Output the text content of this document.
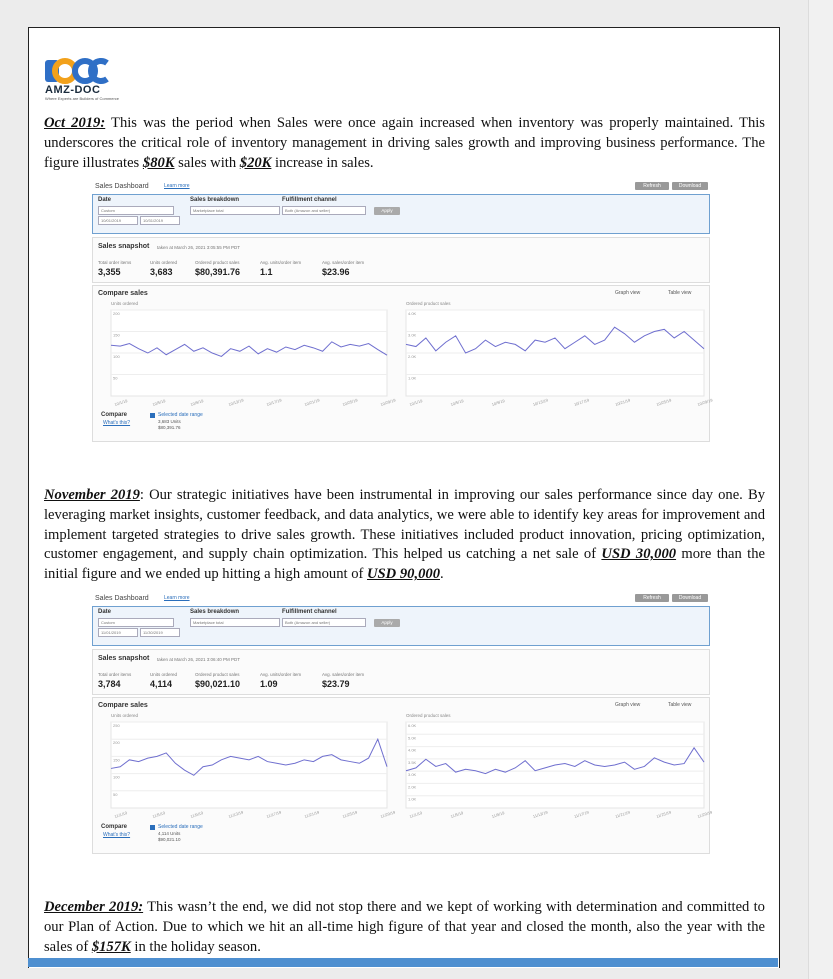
AMZ-DOC
Where Experts are Builders of Commerce
Oct 2019: This was the period when Sales were once again increased when inventory was properly maintained. This underscores the critical role of inventory management in driving sales growth and improving business performance. The figure illustrates $80K sales with $20K increase in sales.
Sales Dashboard	Learn more	Refresh	Download
Date
Custom
10/01/2019	10/31/2019
Sales breakdown
Marketplace total
Fulfillment channel
Both (Amazon and seller)	Apply
Sales snapshot taken at March 26, 2021 3:05:55 PM PDT
Total order items
3,355
Units ordered
3,683
Ordered product sales
$80,391.76
Avg. units/order item
1.1
Avg. sales/order item
$23.96
Compare sales	Graph view	Table view
Compare
What's this?
Selected date range
3,683 Units
$80,391.76
Units ordered
200
150
100
50
10/1/19	10/5/19	10/9/19	10/13/19	10/17/19	10/21/19	10/25/19	10/29/19
Ordered product sales
4.0K
3.0K
2.0K
1.0K
10/1/19	10/5/19	10/9/19	10/13/19	10/17/19	10/21/19	10/25/19	10/29/19
November 2019: Our strategic initiatives have been instrumental in improving our sales performance since day one. By leveraging market insights, customer feedback, and data analytics, we were able to identify key areas for improvement and implement targeted strategies to drive sales growth. These initiatives included product innovation, pricing optimization, customer engagement, and supply chain optimization. This helped us catching a net sale of USD 30,000 more than the initial figure and we ended up hitting a high amount of USD 90,000.
Sales Dashboard	Learn more	Refresh	Download
Date
Custom
11/01/2019	11/30/2019
Sales breakdown
Marketplace total
Fulfillment channel
Both (Amazon and seller)	Apply
Sales snapshot taken at March 26, 2021 3:06:40 PM PDT
Total order items
3,784
Units ordered
4,114
Ordered product sales
$90,021.10
Avg. units/order item
1.09
Avg. sales/order item
$23.79
Compare sales	Graph view	Table view
Compare
What's this?
Selected date range
4,114 Units
$90,021.10
Units ordered
250
200
150
100
50
11/1/19	11/5/19	11/9/19	11/13/19	11/17/19	11/21/19	11/25/19	11/29/19
Ordered product sales
6.0K
5.0K
4.0K
3.5K
3.0K
2.0K
1.0K
11/1/19	11/5/19	11/9/19	11/13/19	11/17/19	11/21/19	11/25/19	11/29/19
December 2019: This wasn’t the end, we did not stop there and we kept of working with determination and committed to our Plan of Action. Due to which we hit an all-time high figure of that year and closed the month, also the year with the sales of $157K in the holiday season.
